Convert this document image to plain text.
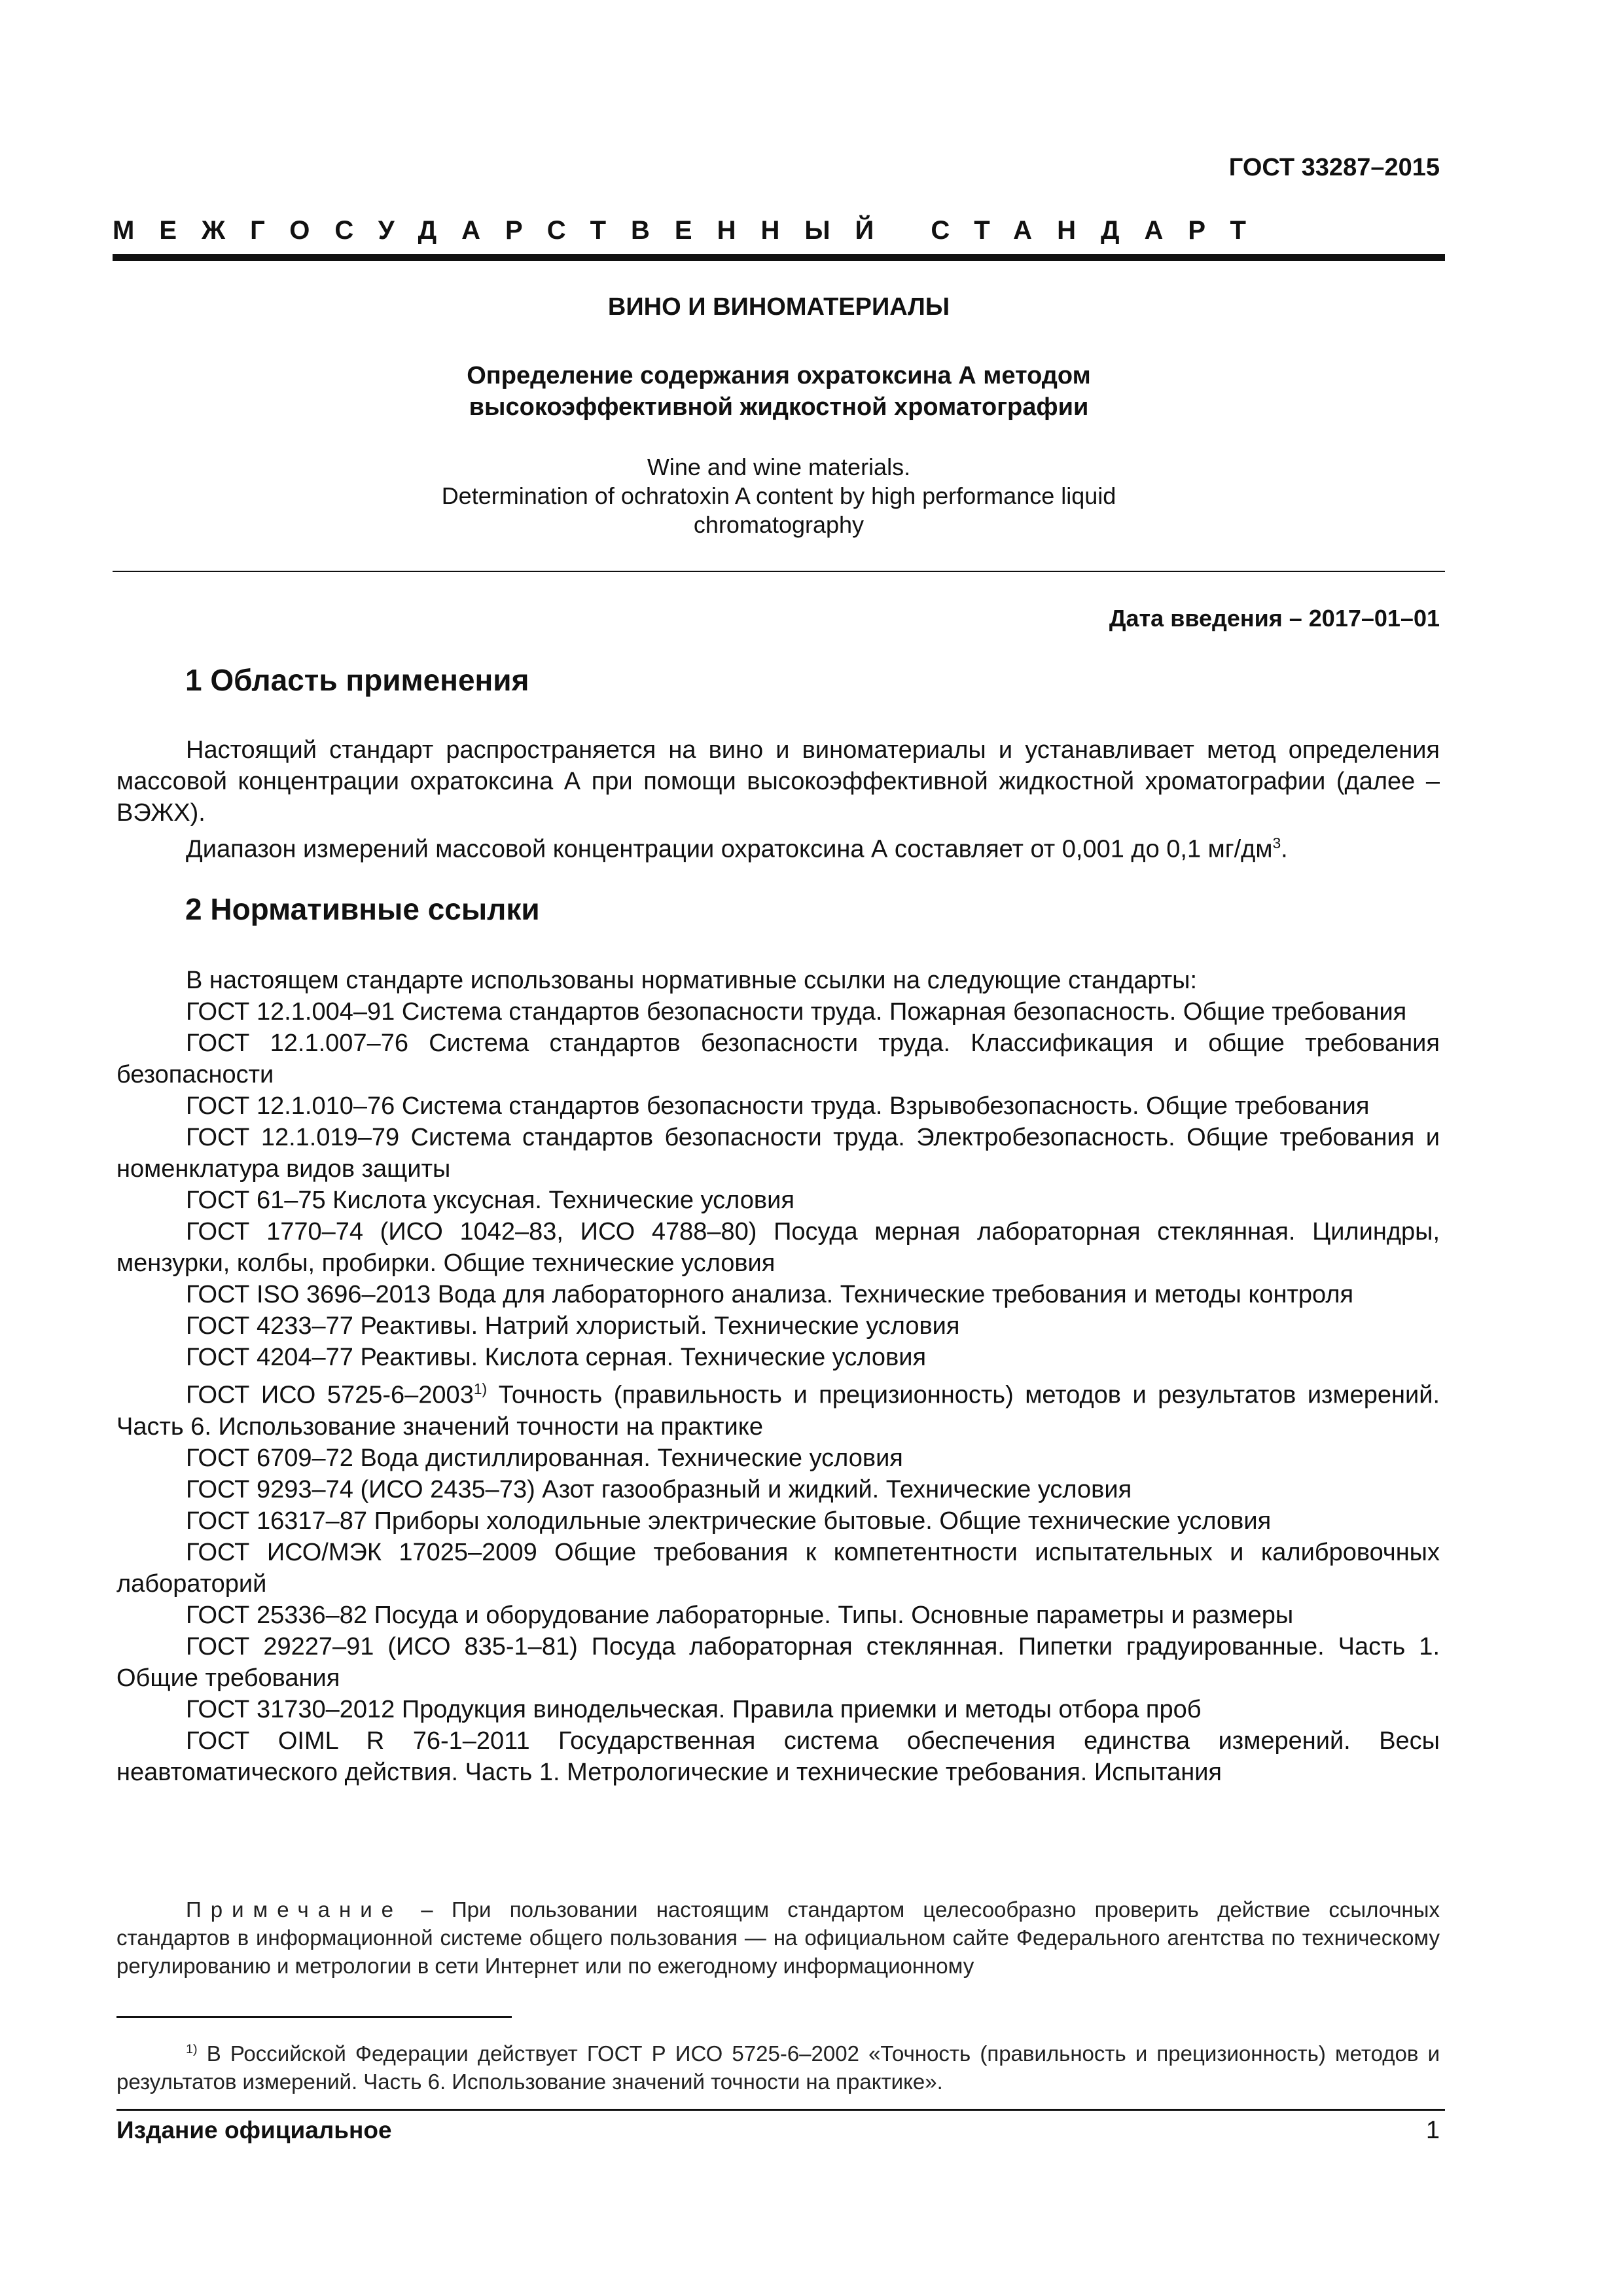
ГОСТ 33287–2015
МЕЖГОСУДАРСТВЕННЫЙ СТАНДАРТ
ВИНО И ВИНОМАТЕРИАЛЫ
Определение содержания охратоксина А методом
высокоэффективной жидкостной хроматографии
Wine and wine materials.
Determination of ochratoxin A content by high performance liquid
chromatography
Дата введения – 2017–01–01
1 Область применения
Настоящий стандарт распространяется на вино и виноматериалы и устанавливает метод определения массовой концентрации охратоксина А при помощи высокоэффективной жидкостной хроматографии (далее – ВЭЖХ).
Диапазон измерений массовой концентрации охратоксина А составляет от 0,001 до 0,1 $мг/дм^3$.
2 Нормативные ссылки

В настоящем стандарте использованы нормативные ссылки на следующие стандарты:

ГОСТ 12.1.004–91 Система стандартов безопасности труда. Пожарная безопасность. Общие требования

ГОСТ 12.1.007–76 Система стандартов безопасности труда. Классификация и общие требования безопасности

ГОСТ 12.1.010–76 Система стандартов безопасности труда. Взрывобезопасность. Общие требования

ГОСТ 12.1.019–79 Система стандартов безопасности труда. Электробезопасность. Общие требования и номенклатура видов защиты

ГОСТ 61–75 Кислота уксусная. Технические условия

ГОСТ 1770–74 (ИСО 1042–83, ИСО 4788–80) Посуда мерная лабораторная стеклянная. Цилиндры, мензурки, колбы, пробирки. Общие технические условия

ГОСТ ISO 3696–2013 Вода для лабораторного анализа. Технические требования и методы контроля

ГОСТ 4233–77 Реактивы. Натрий хлористый. Технические условия

ГОСТ 4204–77 Реактивы. Кислота серная. Технические условия

ГОСТ ИСО 5725-6–2003$^{1)}$ Точность (правильность и прецизионность) методов и результатов измерений. Часть 6. Использование значений точности на практике

ГОСТ 6709–72 Вода дистиллированная. Технические условия

ГОСТ 9293–74 (ИСО 2435–73) Азот газообразный и жидкий. Технические условия

ГОСТ 16317–87 Приборы холодильные электрические бытовые. Общие технические условия

ГОСТ ИСО/МЭК 17025–2009 Общие требования к компетентности испытательных и калибровочных лабораторий

ГОСТ 25336–82 Посуда и оборудование лабораторные. Типы. Основные параметры и размеры

ГОСТ 29227–91 (ИСО 835-1–81) Посуда лабораторная стеклянная. Пипетки градуированные. Часть 1. Общие требования

ГОСТ 31730–2012 Продукция винодельческая. Правила приемки и методы отбора проб

ГОСТ OIML R 76-1–2011 Государственная система обеспечения единства измерений. Весы неавтоматического действия. Часть 1. Метрологические и технические требования. Испытания

Примечание – При пользовании настоящим стандартом целесообразно проверить действие ссылочных стандартов в информационной системе общего пользования — на официальном сайте Федерального агентства по техническому регулированию и метрологии в сети Интернет или по ежегодному информационному
$^{1)}$ В Российской Федерации действует ГОСТ Р ИСО 5725-6–2002 «Точность (правильность и прецизионность) методов и результатов измерений. Часть 6. Использование значений точности на практике».
Издание официальное	1
